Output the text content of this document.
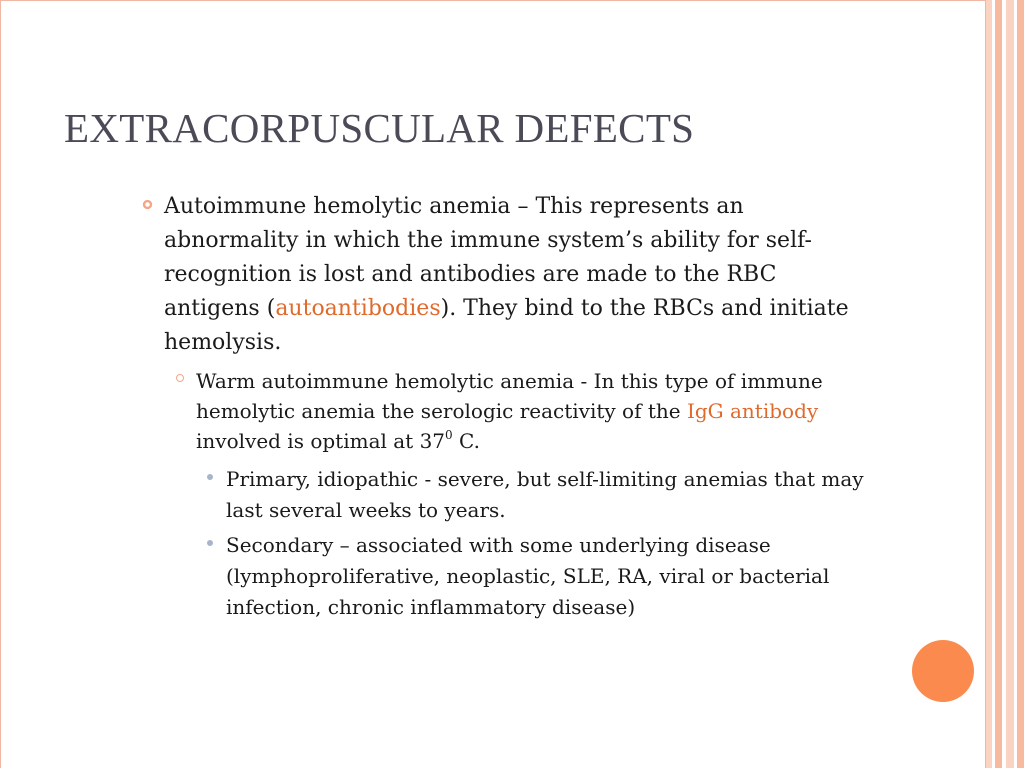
EXTRACORPUSCULAR DEFECTS

Autoimmune hemolytic anemia – This represents an abnormality in which the immune system’s ability for self-recognition is lost and antibodies are made to the RBC antigens (autoantibodies). They bind to the RBCs and initiate hemolysis.

Warm autoimmune hemolytic anemia - In this type of immune hemolytic anemia the serologic reactivity of the IgG antibody involved is optimal at $37^0$ C.

Primary, idiopathic - severe, but self-limiting anemias that may last several weeks to years.

Secondary – associated with some underlying disease (lymphoproliferative, neoplastic, SLE, RA, viral or bacterial infection, chronic inflammatory disease)
